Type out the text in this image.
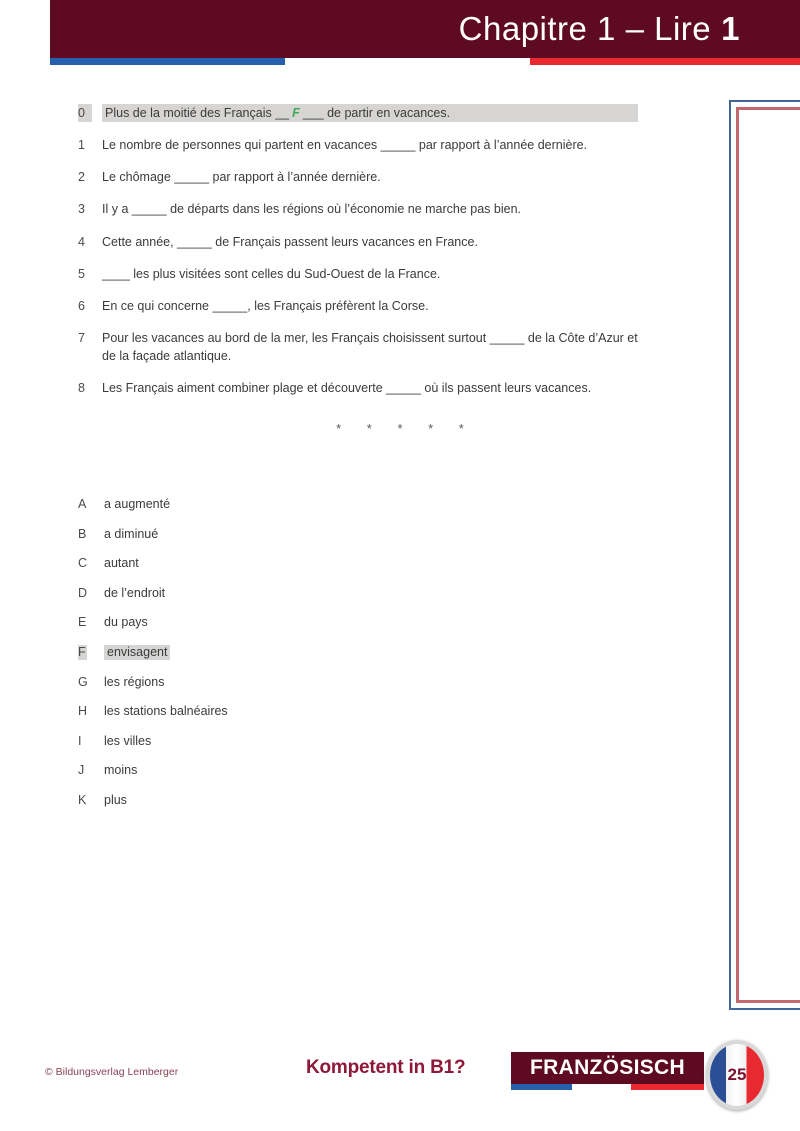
Chapitre 1 – Lire 1
0	Plus de la moitié des Français __ F ___ de partir en vacances.
1	Le nombre de personnes qui partent en vacances _____ par rapport à l’année dernière.
2	Le chômage _____ par rapport à l’année dernière.
3	Il y a _____ de départs dans les régions où l’économie ne marche pas bien.
4	Cette année, _____ de Français passent leurs vacances en France.
5	____ les plus visitées sont celles du Sud-Ouest de la France.
6	En ce qui concerne _____, les Français préfèrent la Corse.
7	Pour les vacances au bord de la mer, les Français choisissent surtout _____ de la Côte d’Azur et de la façade atlantique.
8	Les Français aiment combiner plage et découverte _____ où ils passent leurs vacances.
* * * * *
A	a augmenté
B	a diminué
C	autant
D	de l’endroit
E	du pays
F envisagent
G	les régions
H	les stations balnéaires
I	les villes
J	moins
K	plus
© Bildungsverlag Lemberger	Kompetent in B1?	FRANZÖSISCH	25
